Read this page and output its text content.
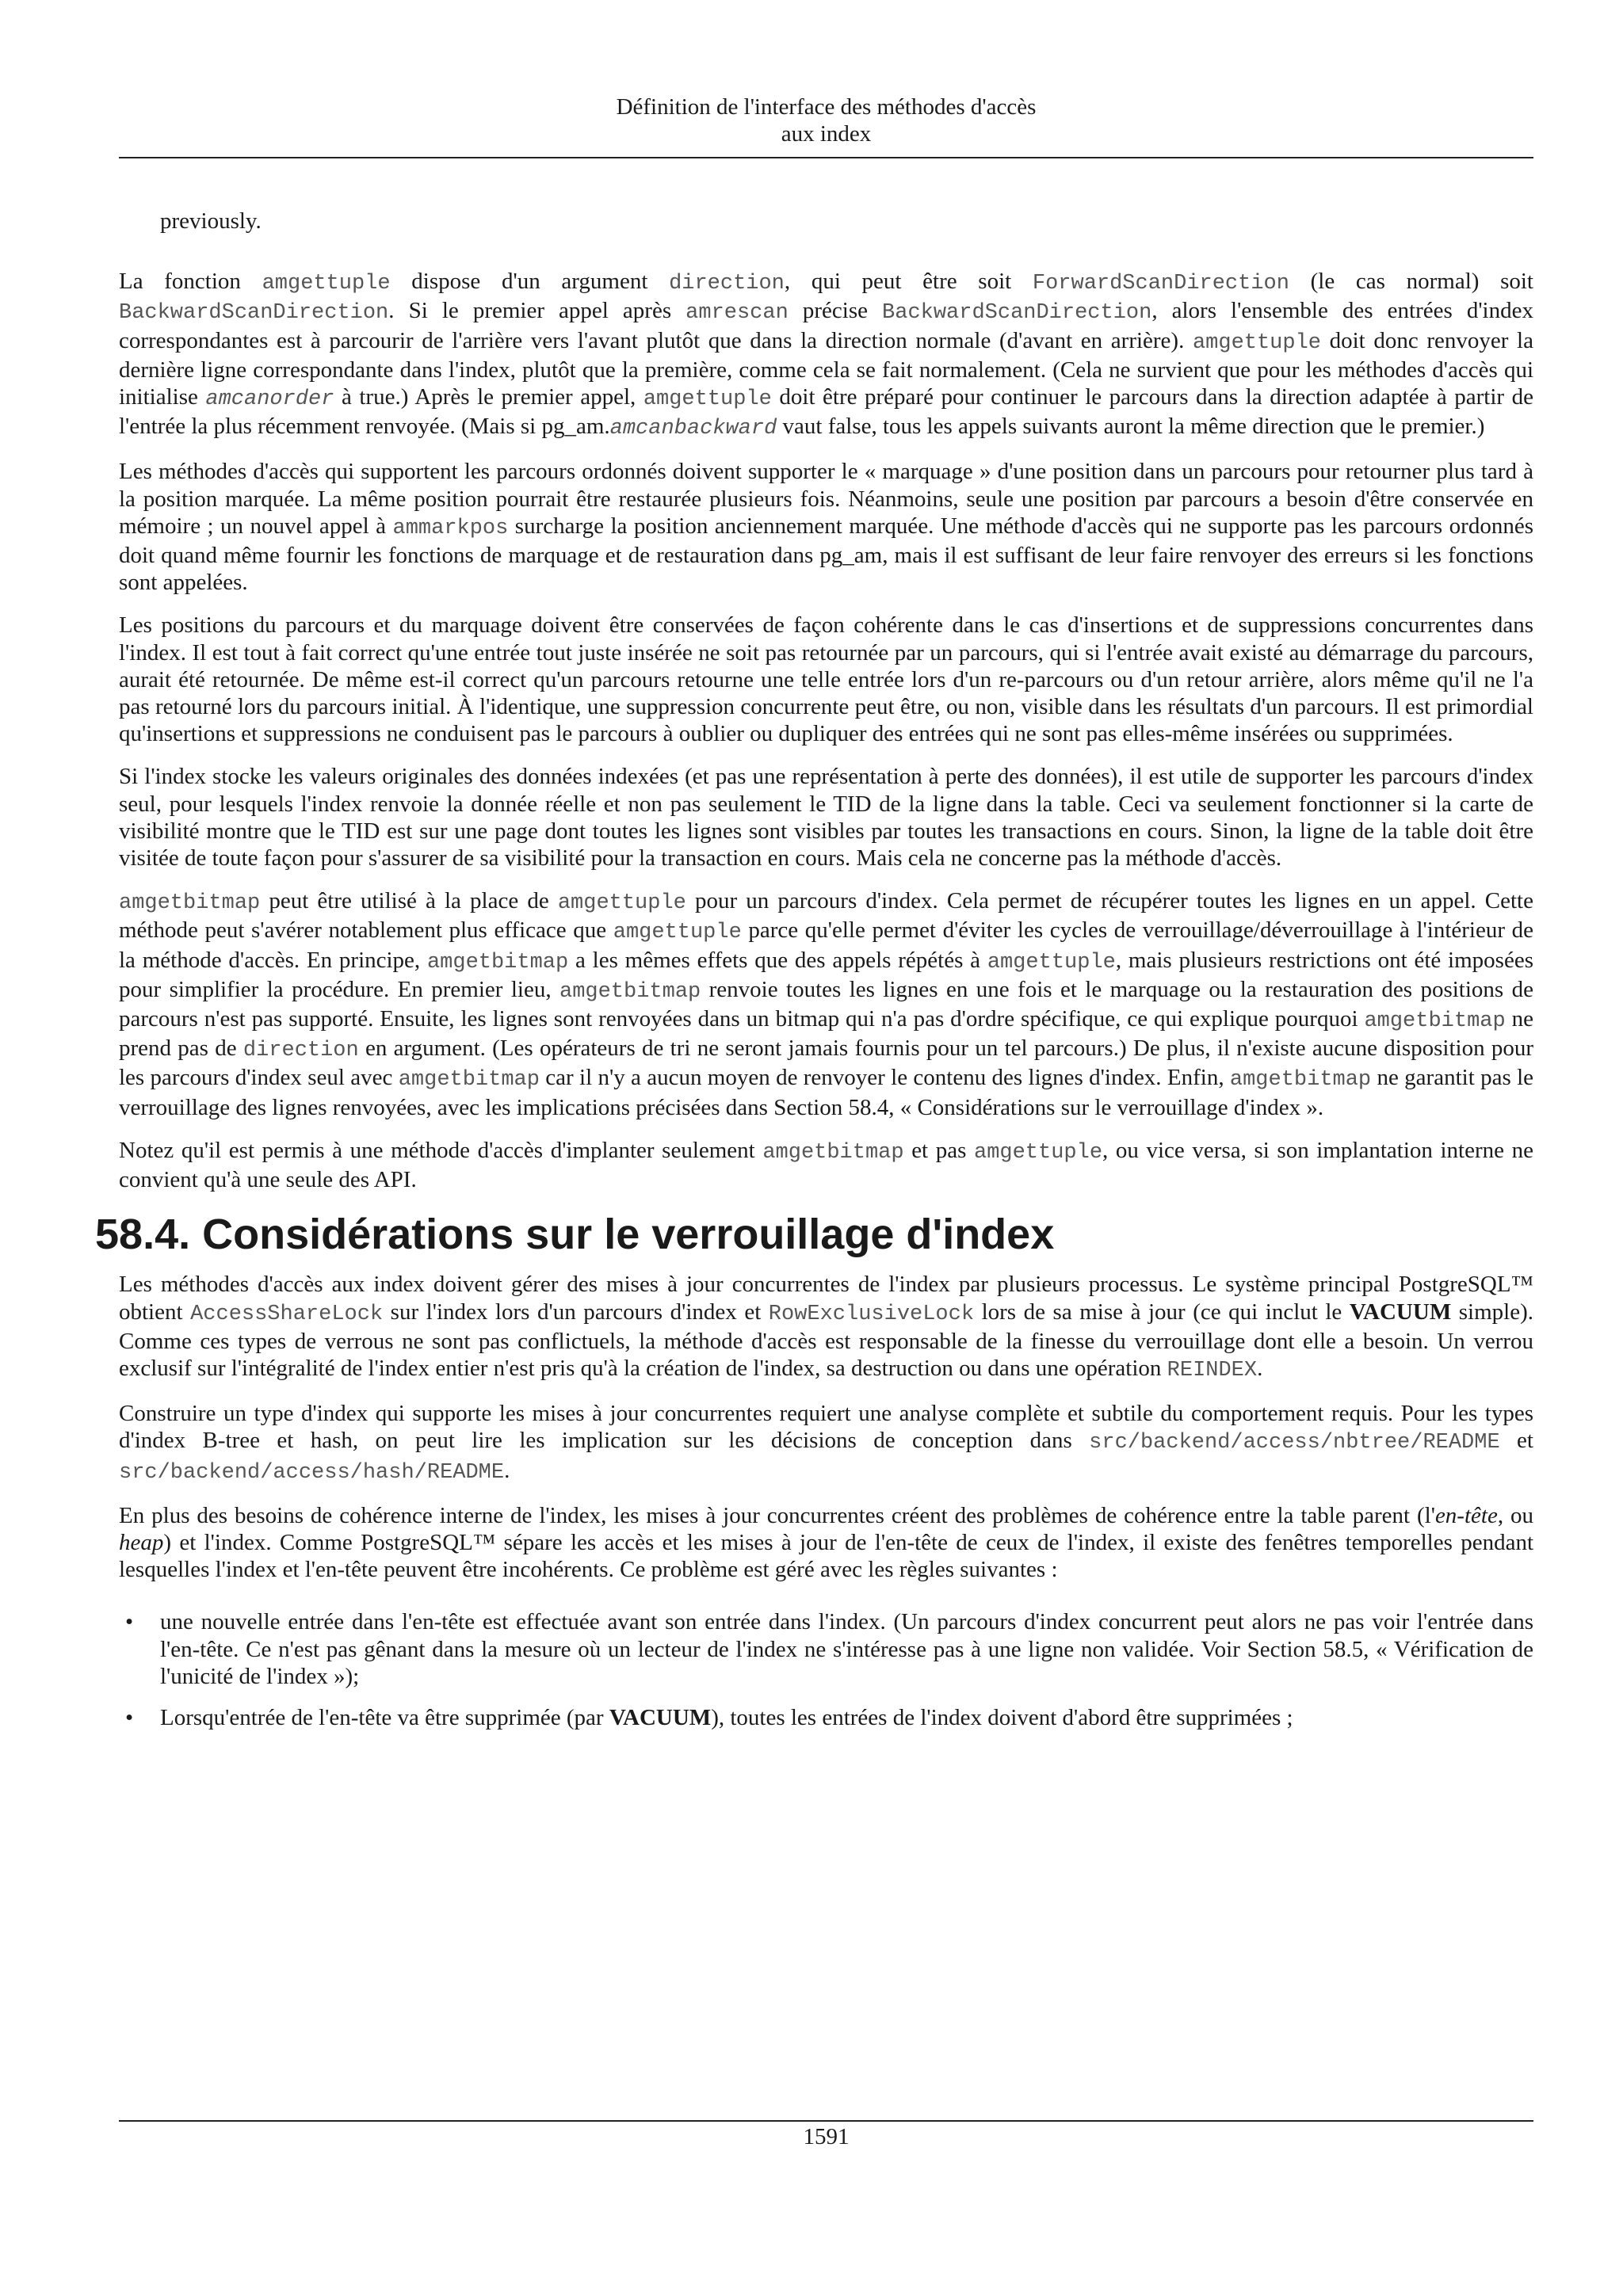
Définition de l'interface des méthodes d'accès
aux index

previously.

La fonction amgettuple dispose d'un argument direction, qui peut être soit ForwardScanDirection (le cas normal) soit BackwardScanDirection. Si le premier appel après amrescan précise BackwardScanDirection, alors l'ensemble des entrées d'index correspondantes est à parcourir de l'arrière vers l'avant plutôt que dans la direction normale (d'avant en arrière). amgettuple doit donc renvoyer la dernière ligne correspondante dans l'index, plutôt que la première, comme cela se fait normalement. (Cela ne survient que pour les méthodes d'accès qui initialise amcanorder à true.) Après le premier appel, amgettuple doit être préparé pour continuer le parcours dans la direction adaptée à partir de l'entrée la plus récemment renvoyée. (Mais si pg_am.amcanbackward vaut false, tous les appels suivants auront la même direction que le premier.)

Les méthodes d'accès qui supportent les parcours ordonnés doivent supporter le « marquage » d'une position dans un parcours pour retourner plus tard à la position marquée. La même position pourrait être restaurée plusieurs fois. Néanmoins, seule une position par parcours a besoin d'être conservée en mémoire ; un nouvel appel à ammarkpos surcharge la position anciennement marquée. Une méthode d'accès qui ne supporte pas les parcours ordonnés doit quand même fournir les fonctions de marquage et de restauration dans pg_am, mais il est suffisant de leur faire renvoyer des erreurs si les fonctions sont appelées.

Les positions du parcours et du marquage doivent être conservées de façon cohérente dans le cas d'insertions et de suppressions concurrentes dans l'index. Il est tout à fait correct qu'une entrée tout juste insérée ne soit pas retournée par un parcours, qui si l'entrée avait existé au démarrage du parcours, aurait été retournée. De même est-il correct qu'un parcours retourne une telle entrée lors d'un re-parcours ou d'un retour arrière, alors même qu'il ne l'a pas retourné lors du parcours initial. À l'identique, une suppression concurrente peut être, ou non, visible dans les résultats d'un parcours. Il est primordial qu'insertions et suppressions ne conduisent pas le parcours à oublier ou dupliquer des entrées qui ne sont pas elles-même insérées ou supprimées.

Si l'index stocke les valeurs originales des données indexées (et pas une représentation à perte des données), il est utile de supporter les parcours d'index seul, pour lesquels l'index renvoie la donnée réelle et non pas seulement le TID de la ligne dans la table. Ceci va seulement fonctionner si la carte de visibilité montre que le TID est sur une page dont toutes les lignes sont visibles par toutes les transactions en cours. Sinon, la ligne de la table doit être visitée de toute façon pour s'assurer de sa visibilité pour la transaction en cours. Mais cela ne concerne pas la méthode d'accès.

amgetbitmap peut être utilisé à la place de amgettuple pour un parcours d'index. Cela permet de récupérer toutes les lignes en un appel. Cette méthode peut s'avérer notablement plus efficace que amgettuple parce qu'elle permet d'éviter les cycles de verrouillage/déverrouillage à l'intérieur de la méthode d'accès. En principe, amgetbitmap a les mêmes effets que des appels répétés à amgettuple, mais plusieurs restrictions ont été imposées pour simplifier la procédure. En premier lieu, amgetbitmap renvoie toutes les lignes en une fois et le marquage ou la restauration des positions de parcours n'est pas supporté. Ensuite, les lignes sont renvoyées dans un bitmap qui n'a pas d'ordre spécifique, ce qui explique pourquoi amgetbitmap ne prend pas de direction en argument. (Les opérateurs de tri ne seront jamais fournis pour un tel parcours.) De plus, il n'existe aucune disposition pour les parcours d'index seul avec amgetbitmap car il n'y a aucun moyen de renvoyer le contenu des lignes d'index. Enfin, amgetbitmap ne garantit pas le verrouillage des lignes renvoyées, avec les implications précisées dans Section 58.4, « Considérations sur le verrouillage d'index ».

Notez qu'il est permis à une méthode d'accès d'implanter seulement amgetbitmap et pas amgettuple, ou vice versa, si son implantation interne ne convient qu'à une seule des API.

58.4. Considérations sur le verrouillage d'index

Les méthodes d'accès aux index doivent gérer des mises à jour concurrentes de l'index par plusieurs processus. Le système principal PostgreSQL™ obtient AccessShareLock sur l'index lors d'un parcours d'index et RowExclusiveLock lors de sa mise à jour (ce qui inclut le VACUUM simple). Comme ces types de verrous ne sont pas conflictuels, la méthode d'accès est responsable de la finesse du verrouillage dont elle a besoin. Un verrou exclusif sur l'intégralité de l'index entier n'est pris qu'à la création de l'index, sa destruction ou dans une opération REINDEX.

Construire un type d'index qui supporte les mises à jour concurrentes requiert une analyse complète et subtile du comportement requis. Pour les types d'index B-tree et hash, on peut lire les implication sur les décisions de conception dans src/backend/access/nbtree/README et src/backend/access/hash/README.

En plus des besoins de cohérence interne de l'index, les mises à jour concurrentes créent des problèmes de cohérence entre la table parent (l'en-tête, ou heap) et l'index. Comme PostgreSQL™ sépare les accès et les mises à jour de l'en-tête de ceux de l'index, il existe des fenêtres temporelles pendant lesquelles l'index et l'en-tête peuvent être incohérents. Ce problème est géré avec les règles suivantes :

• une nouvelle entrée dans l'en-tête est effectuée avant son entrée dans l'index. (Un parcours d'index concurrent peut alors ne pas voir l'entrée dans l'en-tête. Ce n'est pas gênant dans la mesure où un lecteur de l'index ne s'intéresse pas à une ligne non validée. Voir Section 58.5, « Vérification de l'unicité de l'index »);
• Lorsqu'entrée de l'en-tête va être supprimée (par VACUUM), toutes les entrées de l'index doivent d'abord être supprimées ;
1591
